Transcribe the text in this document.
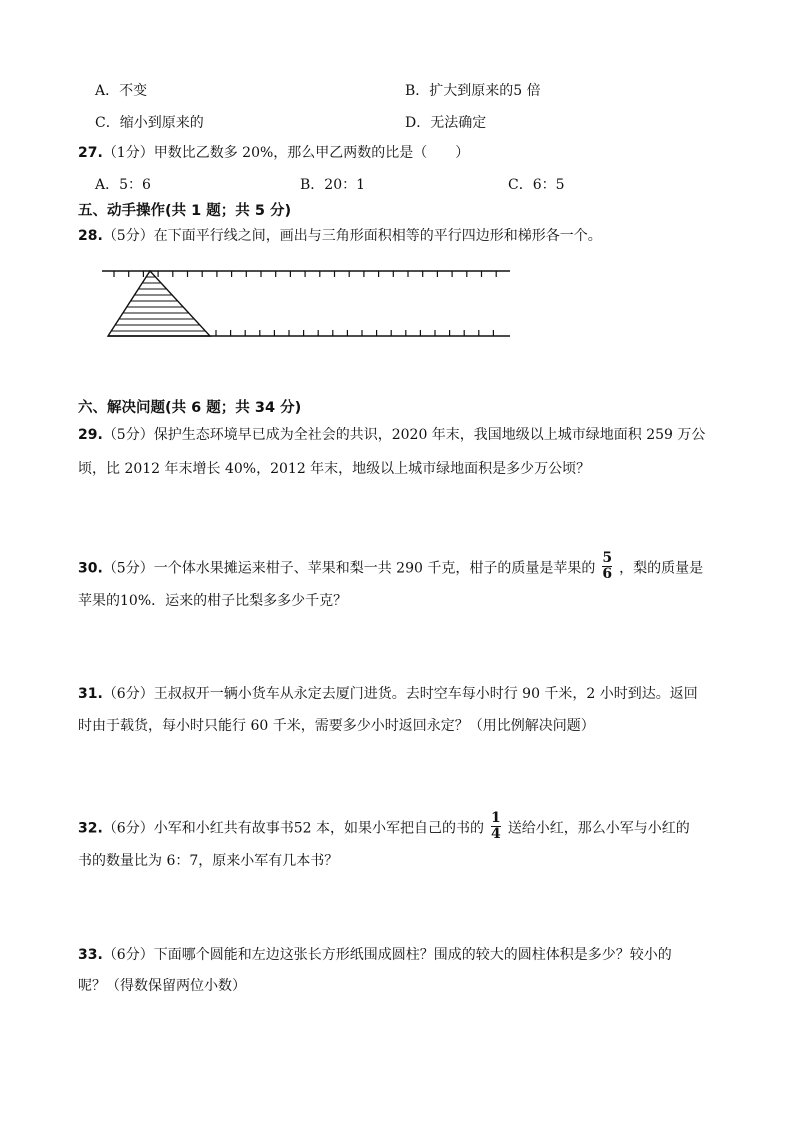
A．不变	B．扩大到原来的5 倍
C．缩小到原来的	D．无法确定
27.（1分）甲数比乙数多 20%，那么甲乙两数的比是（　　）
A．5：6	B．20：1	C．6：5
五、动手操作(共 1 题；共 5 分)
28.（5分）在下面平行线之间，画出与三角形面积相等的平行四边形和梯形各一个。
六、解决问题(共 6 题；共 34 分)
29.（5分）保护生态环境早已成为全社会的共识，2020 年末，我国地级以上城市绿地面积 259 万公
顷，比 2012 年末增长 40%，2012 年末，地级以上城市绿地面积是多少万公顷？
30.（5分）一个体水果摊运来柑子、苹果和梨一共 290 千克，柑子的质量是苹果的 $\frac{5}{6}$ ，梨的质量是
苹果的10%．运来的柑子比梨多多少千克？
31.（6分）王叔叔开一辆小货车从永定去厦门进货。去时空车每小时行 90 千米，2 小时到达。返回
时由于载货，每小时只能行 60 千米，需要多少小时返回永定？（用比例解决问题）
32.（6分）小军和小红共有故事书52 本，如果小军把自己的书的 $\frac{1}{4}$ 送给小红，那么小军与小红的
书的数量比为 6：7，原来小军有几本书？
33.（6分）下面哪个圆能和左边这张长方形纸围成圆柱？围成的较大的圆柱体积是多少？较小的
呢？（得数保留两位小数）
